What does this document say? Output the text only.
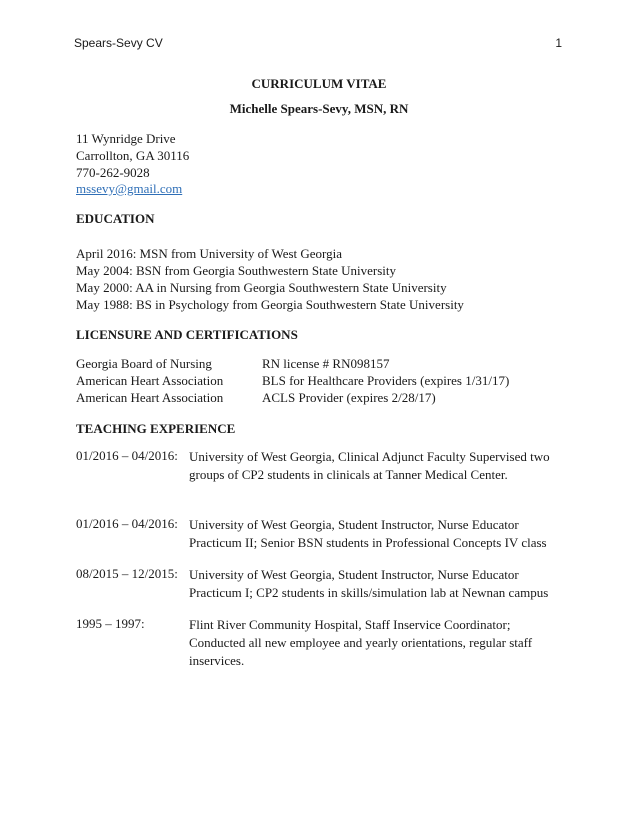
Spears-Sevy CV	1
CURRICULUM VITAE
Michelle Spears-Sevy, MSN, RN
11 Wynridge Drive
Carrollton, GA 30116
770-262-9028
mssevy@gmail.com
EDUCATION
April 2016: MSN from University of West Georgia
May 2004: BSN from Georgia Southwestern State University
May 2000: AA in Nursing from Georgia Southwestern State University
May 1988: BS in Psychology from Georgia Southwestern State University
LICENSURE AND CERTIFICATIONS
Georgia Board of Nursing	RN license # RN098157
American Heart Association	BLS for Healthcare Providers (expires 1/31/17)
American Heart Association	ACLS Provider (expires 2/28/17)
TEACHING EXPERIENCE
01/2016 – 04/2016: University of West Georgia, Clinical Adjunct Faculty Supervised two groups of CP2 students in clinicals at Tanner Medical Center.
01/2016 – 04/2016: University of West Georgia, Student Instructor, Nurse Educator Practicum II; Senior BSN students in Professional Concepts IV class
08/2015 – 12/2015: University of West Georgia, Student Instructor, Nurse Educator Practicum I; CP2 students in skills/simulation lab at Newnan campus
1995 – 1997:	Flint River Community Hospital, Staff Inservice Coordinator; Conducted all new employee and yearly orientations, regular staff inservices.
